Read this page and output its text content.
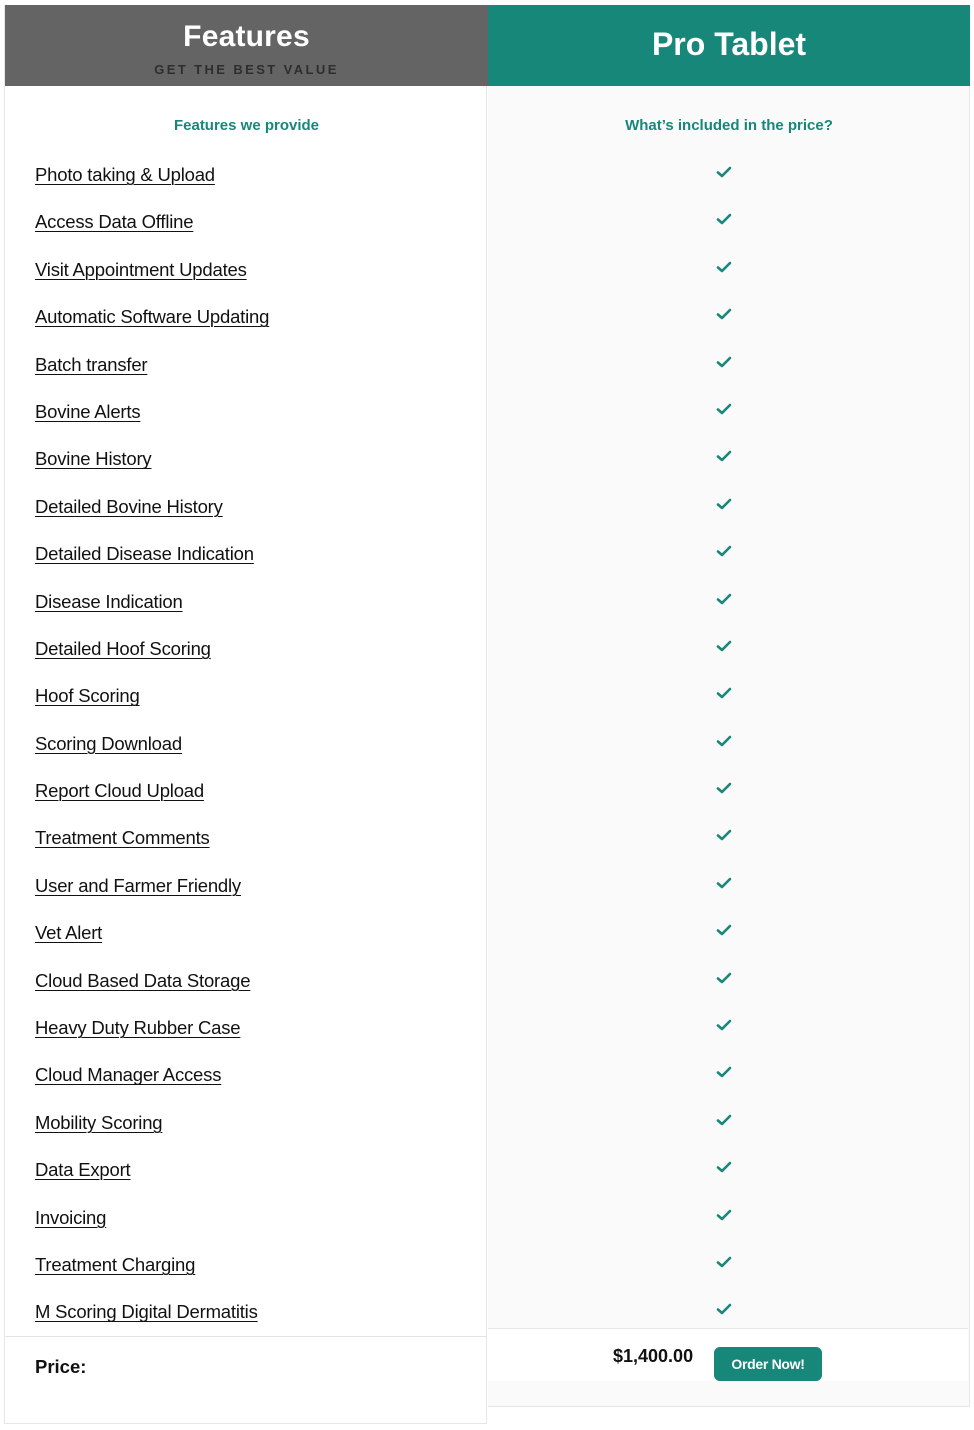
Features
GET THE BEST VALUE
Features we provide
Photo taking & Upload
Access Data Offline
Visit Appointment Updates
Automatic Software Updating
Batch transfer
Bovine Alerts
Bovine History
Detailed Bovine History
Detailed Disease Indication
Disease Indication
Detailed Hoof Scoring
Hoof Scoring
Scoring Download
Report Cloud Upload
Treatment Comments
User and Farmer Friendly
Vet Alert
Cloud Based Data Storage
Heavy Duty Rubber Case
Cloud Manager Access
Mobility Scoring
Data Export
Invoicing
Treatment Charging
M Scoring Digital Dermatitis
Price:
Pro Tablet
What’s included in the price?
$1,400.00	Order Now!
